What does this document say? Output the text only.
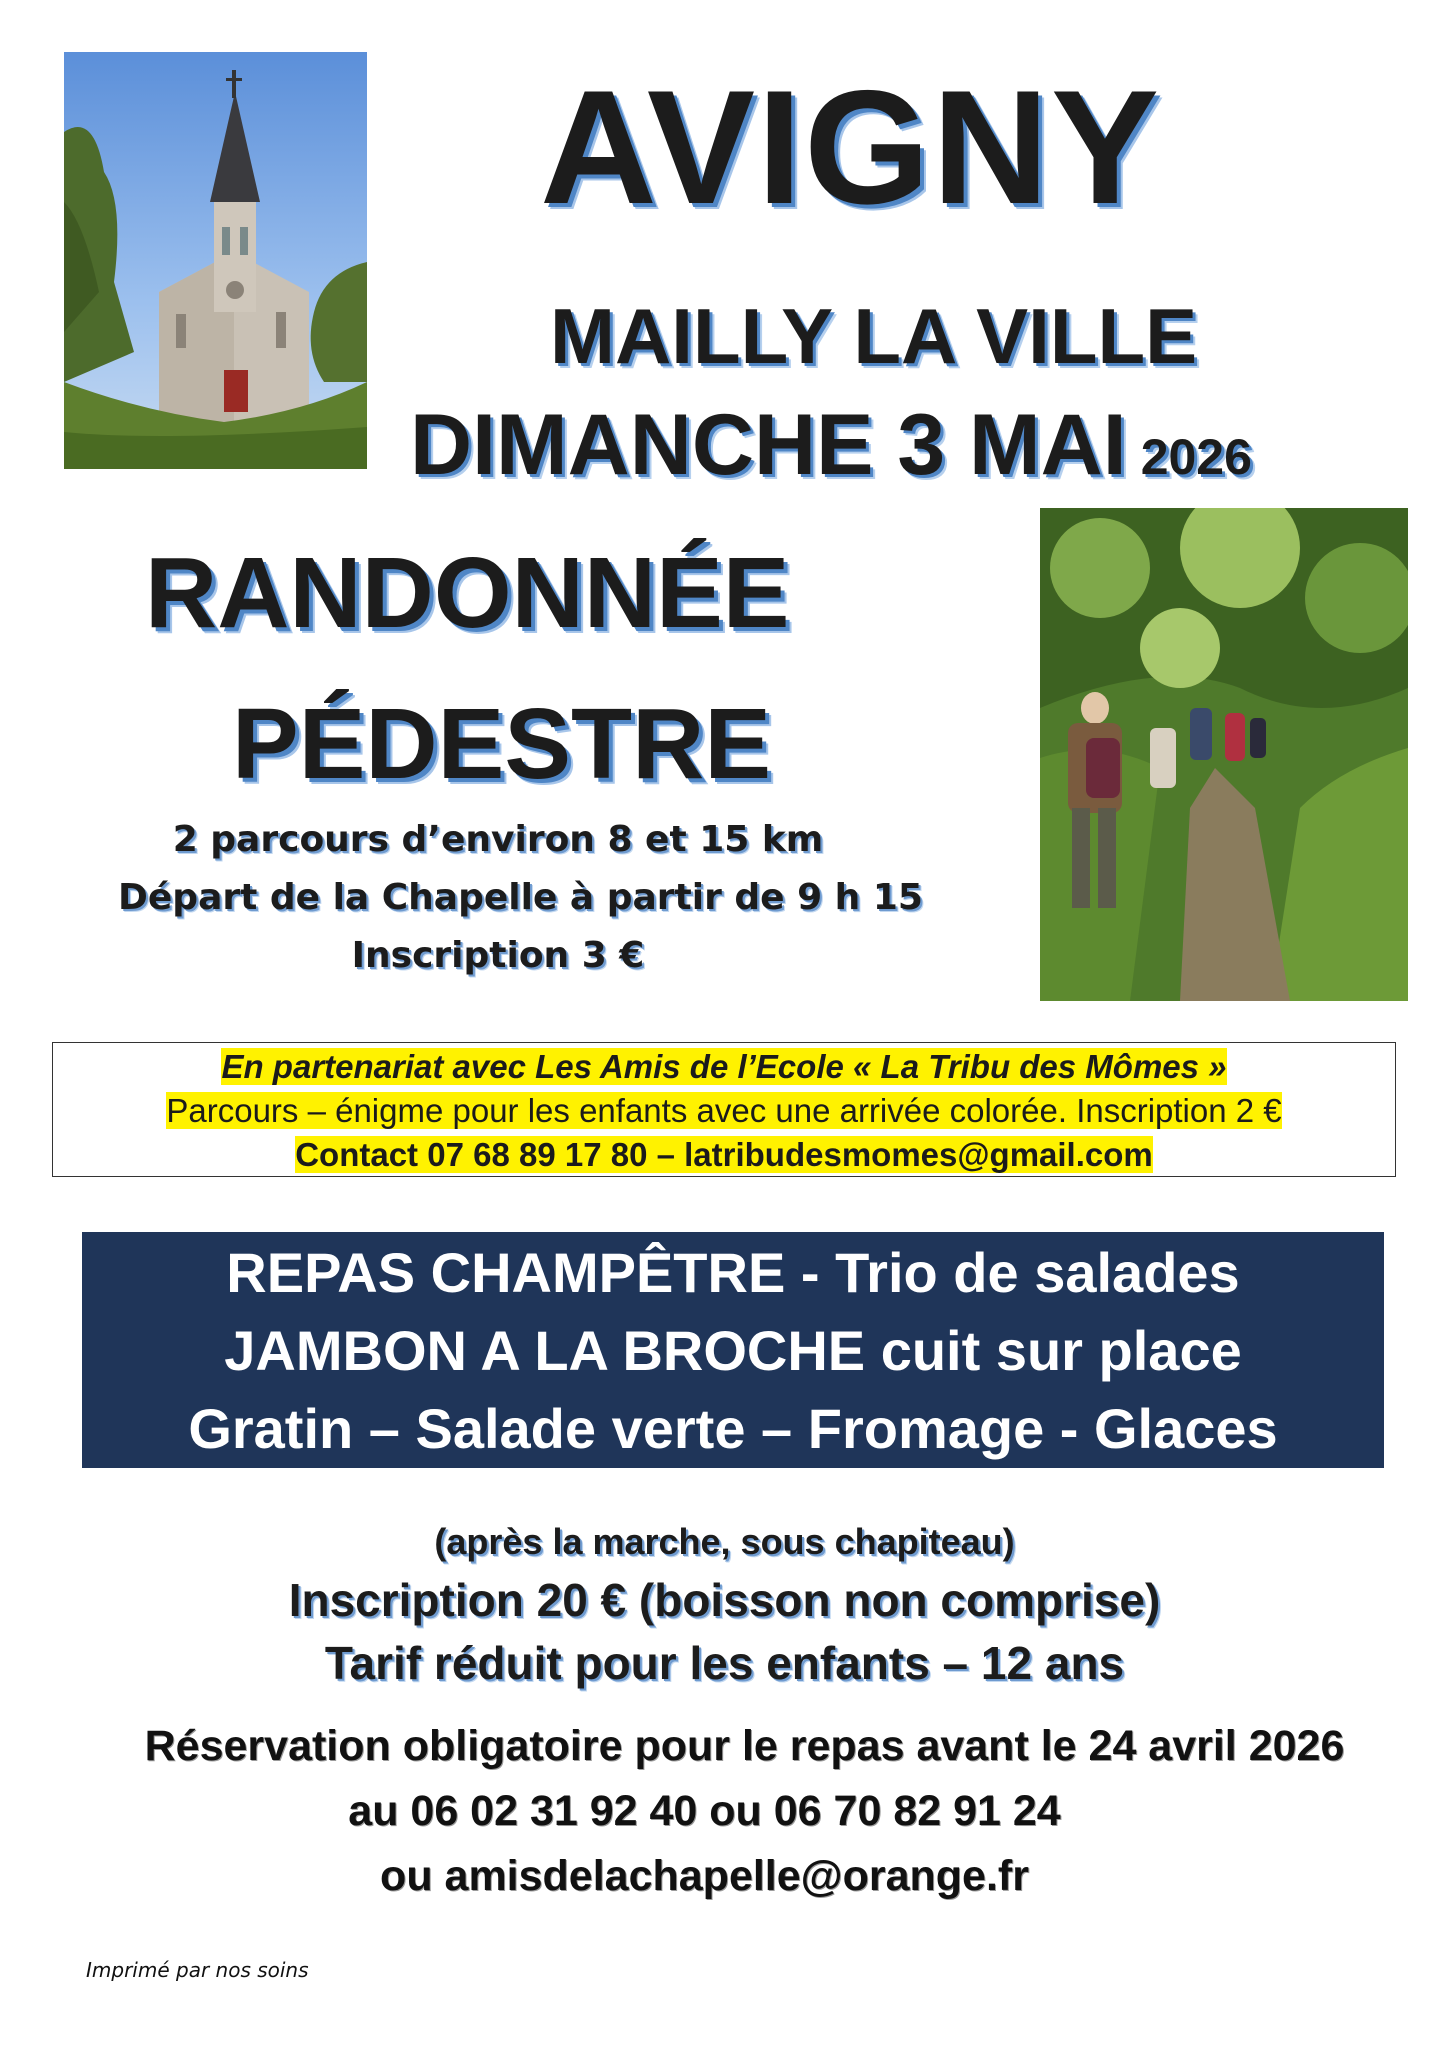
AVIGNY
MAILLY LA VILLE
DIMANCHE 3 MAI 2026
RANDONNÉE
PÉDESTRE
2 parcours d’environ 8 et 15 km
Départ de la Chapelle à partir de 9 h 15
Inscription 3 €
En partenariat avec Les Amis de l’Ecole « La Tribu des Mômes »
Parcours – énigme pour les enfants avec une arrivée colorée. Inscription 2 €
Contact 07 68 89 17 80 – latribudesmomes@gmail.com
REPAS CHAMPÊTRE - Trio de salades
JAMBON A LA BROCHE cuit sur place
Gratin – Salade verte – Fromage - Glaces
(après la marche, sous chapiteau)
Inscription 20 € (boisson non comprise)
Tarif réduit pour les enfants – 12 ans
Réservation obligatoire pour le repas avant le 24 avril 2026
au 06 02 31 92 40 ou 06 70 82 91 24
ou amisdelachapelle@orange.fr
Imprimé par nos soins
